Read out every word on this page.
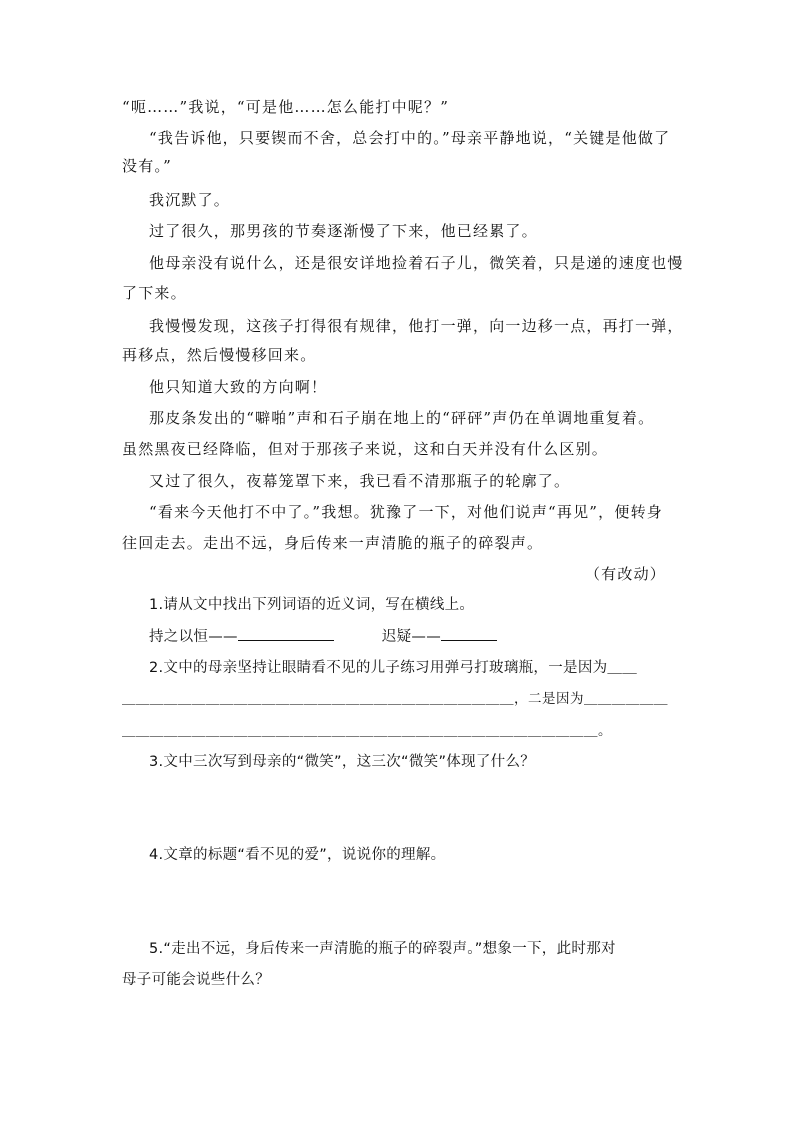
“呃……”我说，“可是他……怎么能打中呢？”
“我告诉他，只要锲而不舍，总会打中的。”母亲平静地说，“关键是他做了
没有。”
我沉默了。
过了很久，那男孩的节奏逐渐慢了下来，他已经累了。
他母亲没有说什么，还是很安详地捡着石子儿，微笑着，只是递的速度也慢
了下来。
我慢慢发现，这孩子打得很有规律，他打一弹，向一边移一点，再打一弹，
再移点，然后慢慢移回来。
他只知道大致的方向啊！
那皮条发出的“噼啪”声和石子崩在地上的“砰砰”声仍在单调地重复着。
虽然黑夜已经降临，但对于那孩子来说，这和白天并没有什么区别。
又过了很久，夜幕笼罩下来，我已看不清那瓶子的轮廓了。
“看来今天他打不中了。”我想。犹豫了一下，对他们说声“再见”，便转身
往回走去。走出不远，身后传来一声清脆的瓶子的碎裂声。
（有改动）
1.请从文中找出下列词语的近义词，写在横线上。
持之以恒——	迟疑——
2.文中的母亲坚持让眼睛看不见的儿子练习用弹弓打玻璃瓶，一是因为＿＿
＿＿＿＿＿＿＿＿＿＿＿＿＿＿＿＿＿＿＿＿＿＿＿＿＿＿＿＿，二是因为＿＿＿＿＿＿
＿＿＿＿＿＿＿＿＿＿＿＿＿＿＿＿＿＿＿＿＿＿＿＿＿＿＿＿＿＿＿＿＿＿。
3.文中三次写到母亲的“微笑”，这三次“微笑”体现了什么？
4.文章的标题“看不见的爱”，说说你的理解。
5.“走出不远，身后传来一声清脆的瓶子的碎裂声。”想象一下，此时那对
母子可能会说些什么？
